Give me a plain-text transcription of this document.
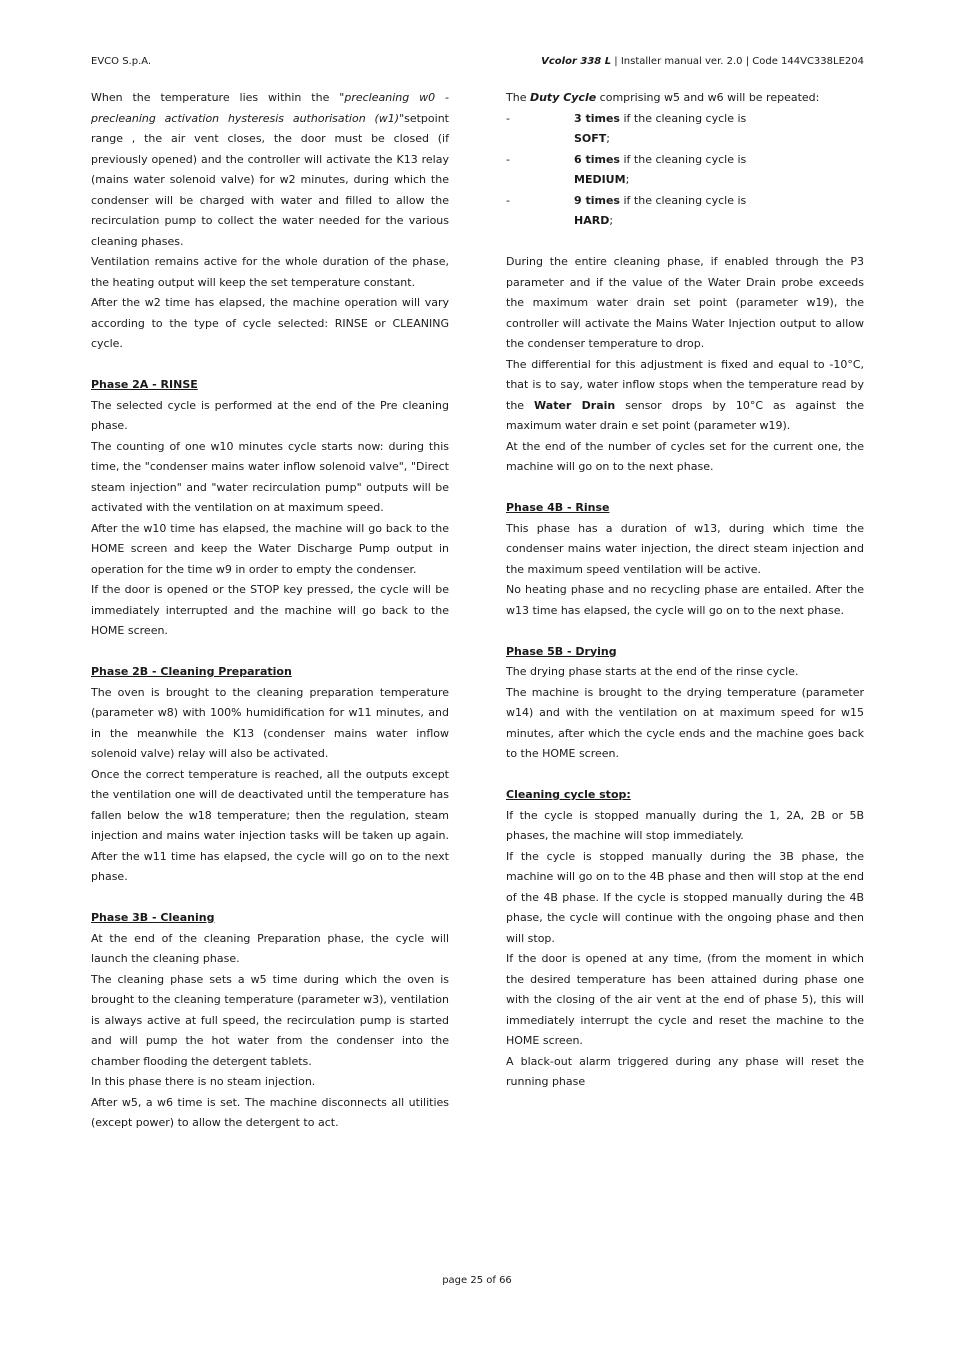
EVCO S.p.A.	Vcolor 338 L | Installer manual ver. 2.0 | Code 144VC338LE204

When the temperature lies within the "precleaning w0 - precleaning activation hysteresis authorisation (w1)"setpoint range , the air vent closes, the door must be closed (if previously opened) and the controller will activate the K13 relay (mains water solenoid valve) for w2 minutes, during which the condenser will be charged with water and filled to allow the recirculation pump to collect the water needed for the various cleaning phases.

Ventilation remains active for the whole duration of the phase, the heating output will keep the set temperature constant.

After the w2 time has elapsed, the machine operation will vary according to the type of cycle selected: RINSE or CLEANING cycle.

Phase 2A - RINSE

The selected cycle is performed at the end of the Pre cleaning phase.

The counting of one w10 minutes cycle starts now: during this time, the "condenser mains water inflow solenoid valve", "Direct steam injection" and "water recirculation pump" outputs will be activated with the ventilation on at maximum speed.

After the w10 time has elapsed, the machine will go back to the HOME screen and keep the Water Discharge Pump output in operation for the time w9 in order to empty the condenser.

If the door is opened or the STOP key pressed, the cycle will be immediately interrupted and the machine will go back to the HOME screen.

Phase 2B - Cleaning Preparation

The oven is brought to the cleaning preparation temperature (parameter w8) with 100% humidification for w11 minutes, and in the meanwhile the K13 (condenser mains water inflow solenoid valve) relay will also be activated.

Once the correct temperature is reached, all the outputs except the ventilation one will de deactivated until the temperature has fallen below the w18 temperature; then the regulation, steam injection and mains water injection tasks will be taken up again. After the w11 time has elapsed, the cycle will go on to the next phase.

Phase 3B - Cleaning

At the end of the cleaning Preparation phase, the cycle will launch the cleaning phase.

The cleaning phase sets a w5 time during which the oven is brought to the cleaning temperature (parameter w3), ventilation is always active at full speed, the recirculation pump is started and will pump the hot water from the condenser into the chamber flooding the detergent tablets.

In this phase there is no steam injection.

After w5, a w6 time is set. The machine disconnects all utilities (except power) to allow the detergent to act.

The Duty Cycle comprising w5 and w6 will be repeated:

-	3 times if the cleaning cycle is SOFT;
-	6 times if the cleaning cycle is MEDIUM;
-	9 times if the cleaning cycle is HARD;

During the entire cleaning phase, if enabled through the P3 parameter and if the value of the Water Drain probe exceeds the maximum water drain set point (parameter w19), the controller will activate the Mains Water Injection output to allow the condenser temperature to drop.

The differential for this adjustment is fixed and equal to -10°C, that is to say, water inflow stops when the temperature read by the Water Drain sensor drops by 10°C as against the maximum water drain e set point (parameter w19).

At the end of the number of cycles set for the current one, the machine will go on to the next phase.

Phase 4B - Rinse

This phase has a duration of w13, during which time the condenser mains water injection, the direct steam injection and the maximum speed ventilation will be active.

No heating phase and no recycling phase are entailed. After the w13 time has elapsed, the cycle will go on to the next phase.

Phase 5B - Drying

The drying phase starts at the end of the rinse cycle.

The machine is brought to the drying temperature (parameter w14) and with the ventilation on at maximum speed for w15 minutes, after which the cycle ends and the machine goes back to the HOME screen.

Cleaning cycle stop:

If the cycle is stopped manually during the 1, 2A, 2B or 5B phases, the machine will stop immediately.

If the cycle is stopped manually during the 3B phase, the machine will go on to the 4B phase and then will stop at the end of the 4B phase. If the cycle is stopped manually during the 4B phase, the cycle will continue with the ongoing phase and then will stop.

If the door is opened at any time, (from the moment in which the desired temperature has been attained during phase one with the closing of the air vent at the end of phase 5), this will immediately interrupt the cycle and reset the machine to the HOME screen.

A black-out alarm triggered during any phase will reset the running phase

page 25 of 66
